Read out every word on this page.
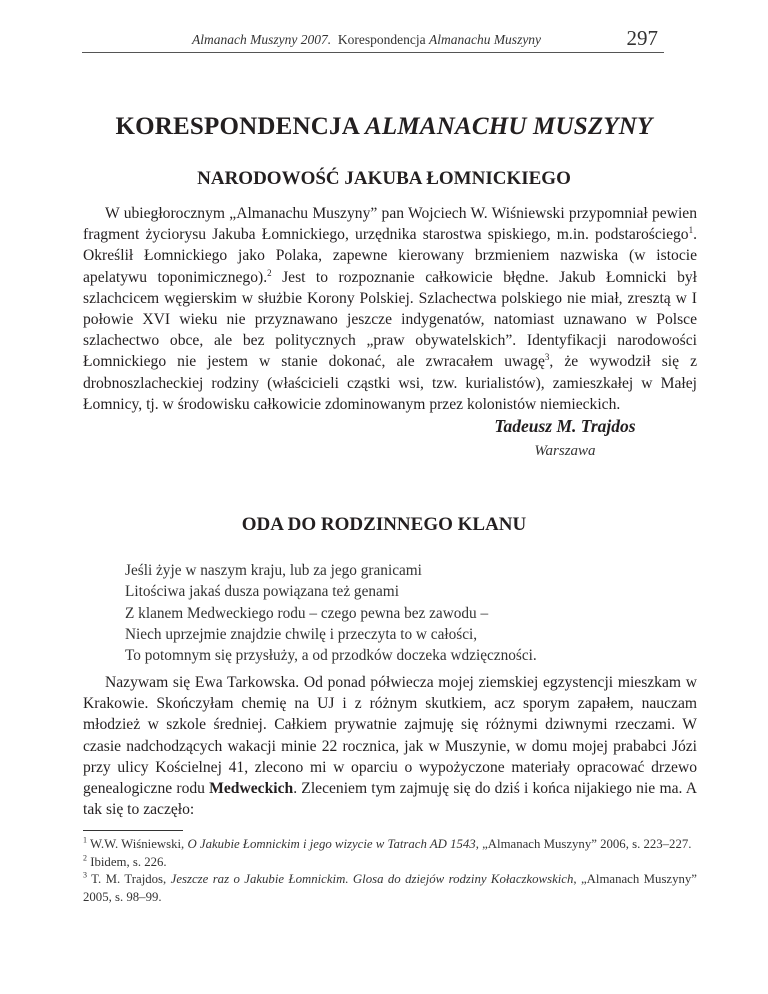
Almanach Muszyny 2007. Korespondencja Almanachu Muszyny	297
KORESPONDENCJA ALMANACHU MUSZYNY
NARODOWOŚĆ JAKUBA ŁOMNICKIEGO

W ubiegłorocznym „Almanachu Muszyny” pan Wojciech W. Wiśniewski przypomniał pewien fragment życiorysu Jakuba Łomnickiego, urzędnika starostwa spiskiego, m.in. podstarościego$^1$. Określił Łomnickiego jako Polaka, zapewne kierowany brzmieniem nazwiska (w istocie apelatywu toponimicznego).$^2$ Jest to rozpoznanie całkowicie błędne. Jakub Łomnicki był szlachcicem węgierskim w służbie Korony Polskiej. Szlachectwa polskiego nie miał, zresztą w I połowie XVI wieku nie przyznawano jeszcze indygenatów, natomiast uznawano w Polsce szlachectwo obce, ale bez politycznych „praw obywatelskich”. Identyfikacji narodowości Łomnickiego nie jestem w stanie dokonać, ale zwracałem uwagę$^3$, że wywodził się z drobnoszlacheckiej rodziny (właścicieli cząstki wsi, tzw. kurialistów), zamieszkałej w Małej Łomnicy, tj. w środowisku całkowicie zdominowanym przez kolonistów niemieckich.

Tadeusz M. Trajdos
Warszawa
ODA DO RODZINNEGO KLANU
Jeśli żyje w naszym kraju, lub za jego granicami
Litościwa jakaś dusza powiązana też genami
Z klanem Medweckiego rodu – czego pewna bez zawodu –
Niech uprzejmie znajdzie chwilę i przeczyta to w całości,
To potomnym się przysłuży, a od przodków doczeka wdzięczności.

Nazywam się Ewa Tarkowska. Od ponad półwiecza mojej ziemskiej egzystencji mieszkam w Krakowie. Skończyłam chemię na UJ i z różnym skutkiem, acz sporym zapałem, nauczam młodzież w szkole średniej. Całkiem prywatnie zajmuję się różnymi dziwnymi rzeczami. W czasie nadchodzących wakacji minie 22 rocznica, jak w Muszynie, w domu mojej prababci Józi przy ulicy Kościelnej 41, zlecono mi w oparciu o wypożyczone materiały opracować drzewo genealogiczne rodu Medweckich. Zleceniem tym zajmuję się do dziś i końca nijakiego nie ma. A tak się to zaczęło:

$^1$ W.W. Wiśniewski, O Jakubie Łomnickim i jego wizycie w Tatrach AD 1543, „Almanach Muszyny” 2006, s. 223–227.

$^2$ Ibidem, s. 226.

$^3$ T. M. Trajdos, Jeszcze raz o Jakubie Łomnickim. Glosa do dziejów rodziny Kołaczkowskich, „Almanach Muszyny” 2005, s. 98–99.
